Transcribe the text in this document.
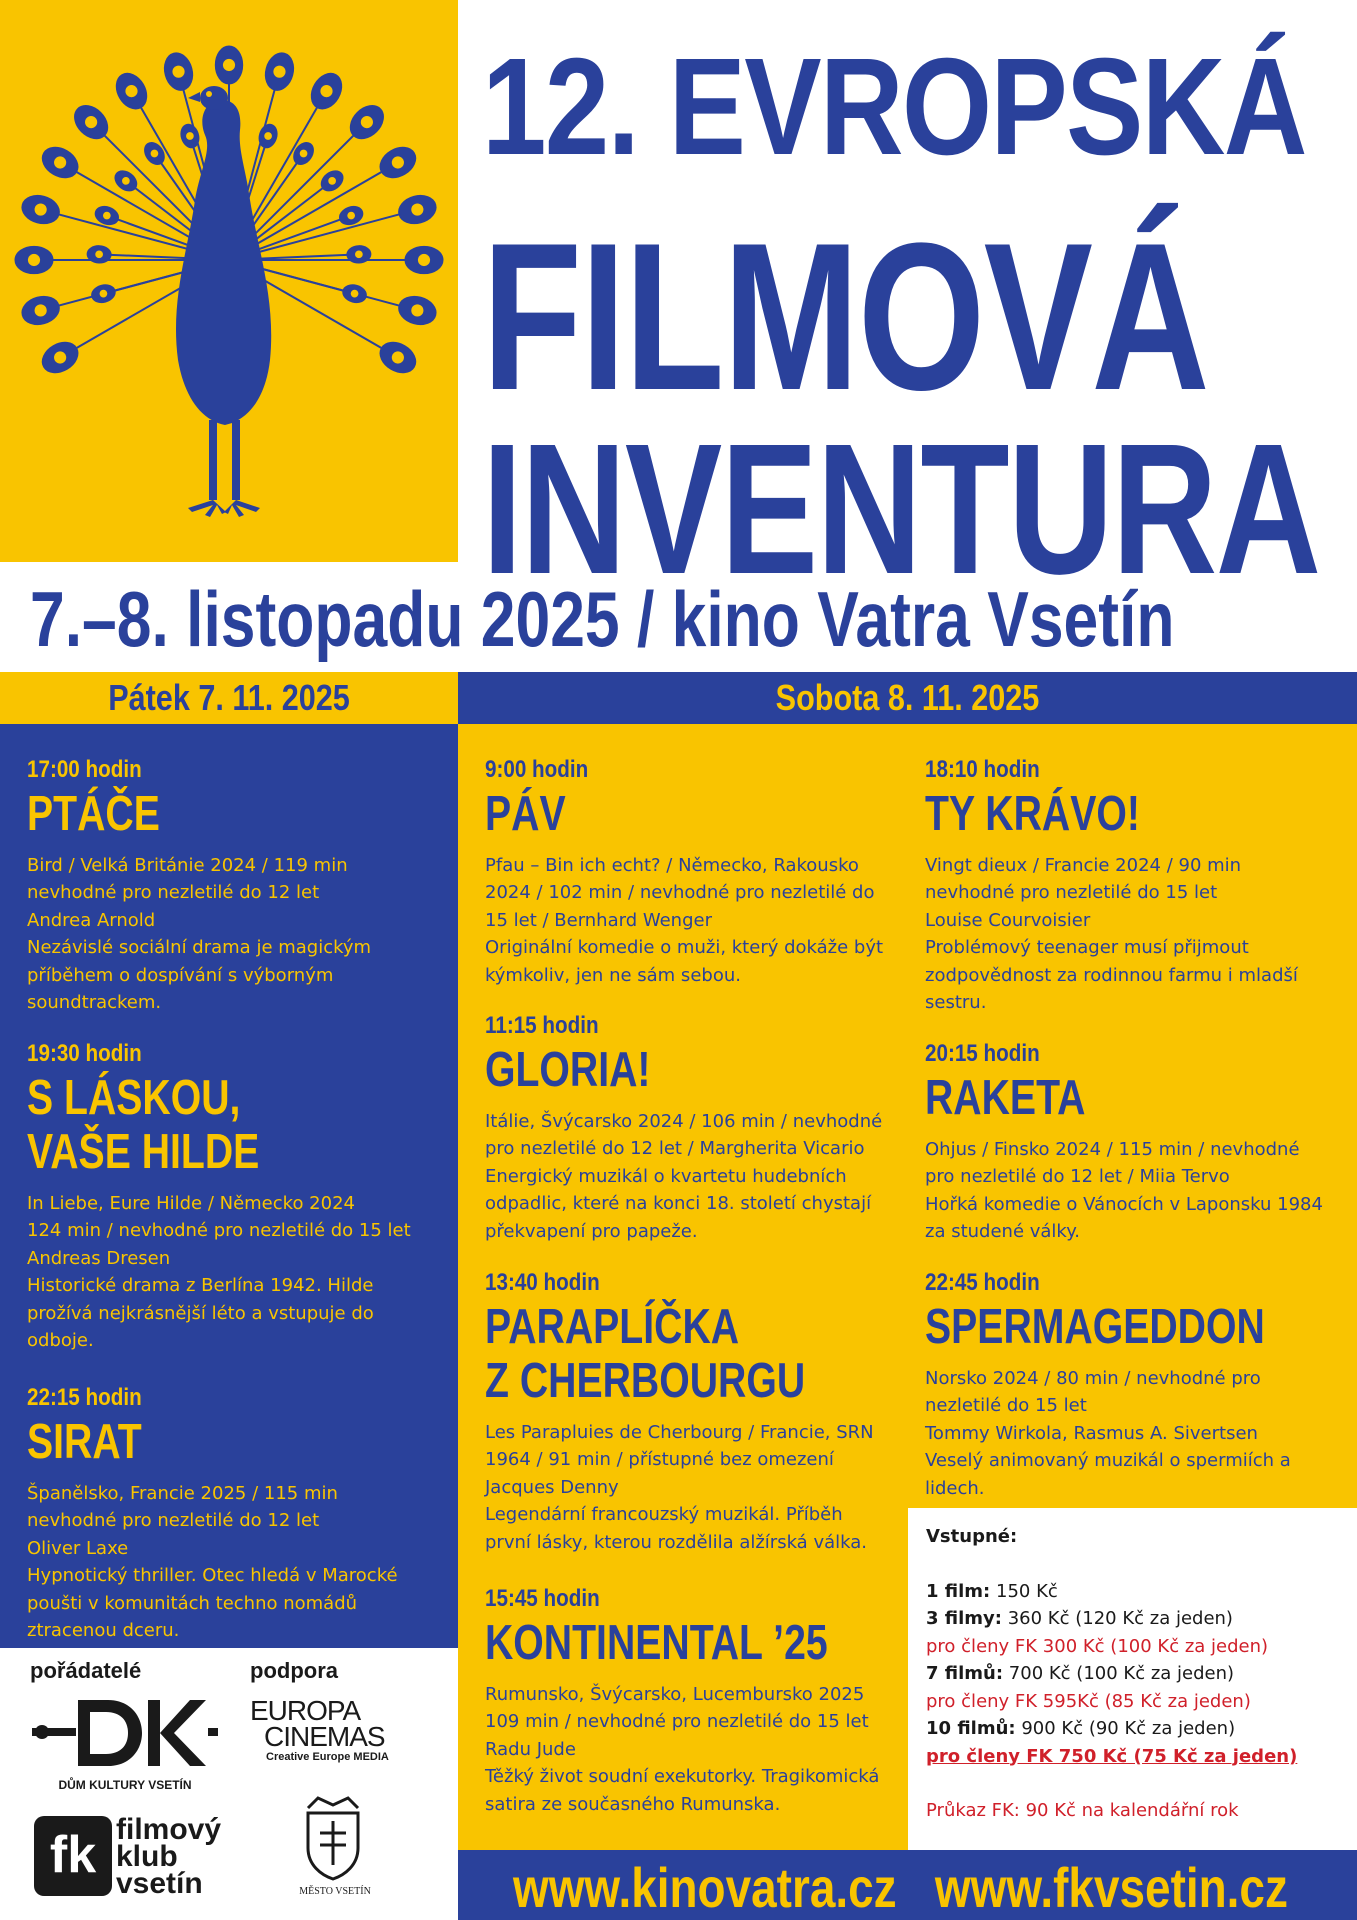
12. EVROPSKÁ
FILMOVÁ
INVENTURA
7.–8. listopadu 2025 / kino Vatra Vsetín
Pátek 7. 11. 2025	Sobota 8. 11. 2025
17:00 hodin
PTÁČE
Bird / Velká Británie 2024 / 119 min
nevhodné pro nezletilé do 12 let
Andrea Arnold
Nezávislé sociální drama je magickým
příběhem o dospívání s výborným
soundtrackem.
19:30 hodin
S LÁSKOU,
VAŠE HILDE
In Liebe, Eure Hilde / Německo 2024
124 min / nevhodné pro nezletilé do 15 let
Andreas Dresen
Historické drama z Berlína 1942. Hilde
prožívá nejkrásnější léto a vstupuje do
odboje.
22:15 hodin
SIRAT
Španělsko, Francie 2025 / 115 min
nevhodné pro nezletilé do 12 let
Oliver Laxe
Hypnotický thriller. Otec hledá v Marocké
poušti v komunitách techno nomádů
ztracenou dceru.
9:00 hodin
PÁV
Pfau – Bin ich echt? / Německo, Rakousko
2024 / 102 min / nevhodné pro nezletilé do
15 let / Bernhard Wenger
Originální komedie o muži, který dokáže být
kýmkoliv, jen ne sám sebou.
11:15 hodin
GLORIA!
Itálie, Švýcarsko 2024 / 106 min / nevhodné
pro nezletilé do 12 let / Margherita Vicario
Energický muzikál o kvartetu hudebních
odpadlic, které na konci 18. století chystají
překvapení pro papeže.
13:40 hodin
PARAPLÍČKA
Z CHERBOURGU
Les Parapluies de Cherbourg / Francie, SRN
1964 / 91 min / přístupné bez omezení
Jacques Denny
Legendární francouzský muzikál. Příběh
první lásky, kterou rozdělila alžírská válka.
15:45 hodin
KONTINENTAL ’25
Rumunsko, Švýcarsko, Lucembursko 2025
109 min / nevhodné pro nezletilé do 15 let
Radu Jude
Těžký život soudní exekutorky. Tragikomická
satira ze současného Rumunska.
18:10 hodin
TY KRÁVO!
Vingt dieux / Francie 2024 / 90 min
nevhodné pro nezletilé do 15 let
Louise Courvoisier
Problémový teenager musí přijmout
zodpovědnost za rodinnou farmu i mladší
sestru.
20:15 hodin
RAKETA
Ohjus / Finsko 2024 / 115 min / nevhodné
pro nezletilé do 12 let / Miia Tervo
Hořká komedie o Vánocích v Laponsku 1984
za studené války.
22:45 hodin
SPERMAGEDDON
Norsko 2024 / 80 min / nevhodné pro
nezletilé do 15 let
Tommy Wirkola, Rasmus A. Sivertsen
Veselý animovaný muzikál o spermiích a
lidech.
Vstupné:
1 film: 150 Kč
3 filmy: 360 Kč (120 Kč za jeden)
pro členy FK 300 Kč (100 Kč za jeden)
7 filmů: 700 Kč (100 Kč za jeden)
pro členy FK 595Kč (85 Kč za jeden)
10 filmů: 900 Kč (90 Kč za jeden)
pro členy FK 750 Kč (75 Kč za jeden)
Průkaz FK: 90 Kč na kalendářní rok
pořádatelé	podpora
DŮM KULTURY VSETÍN
EUROPA
CINEMAS
Creative Europe MEDIA
fk filmový
klub
vsetín	MĚSTO VSETÍN	www.kinovatra.cz   www.fkvsetin.cz
